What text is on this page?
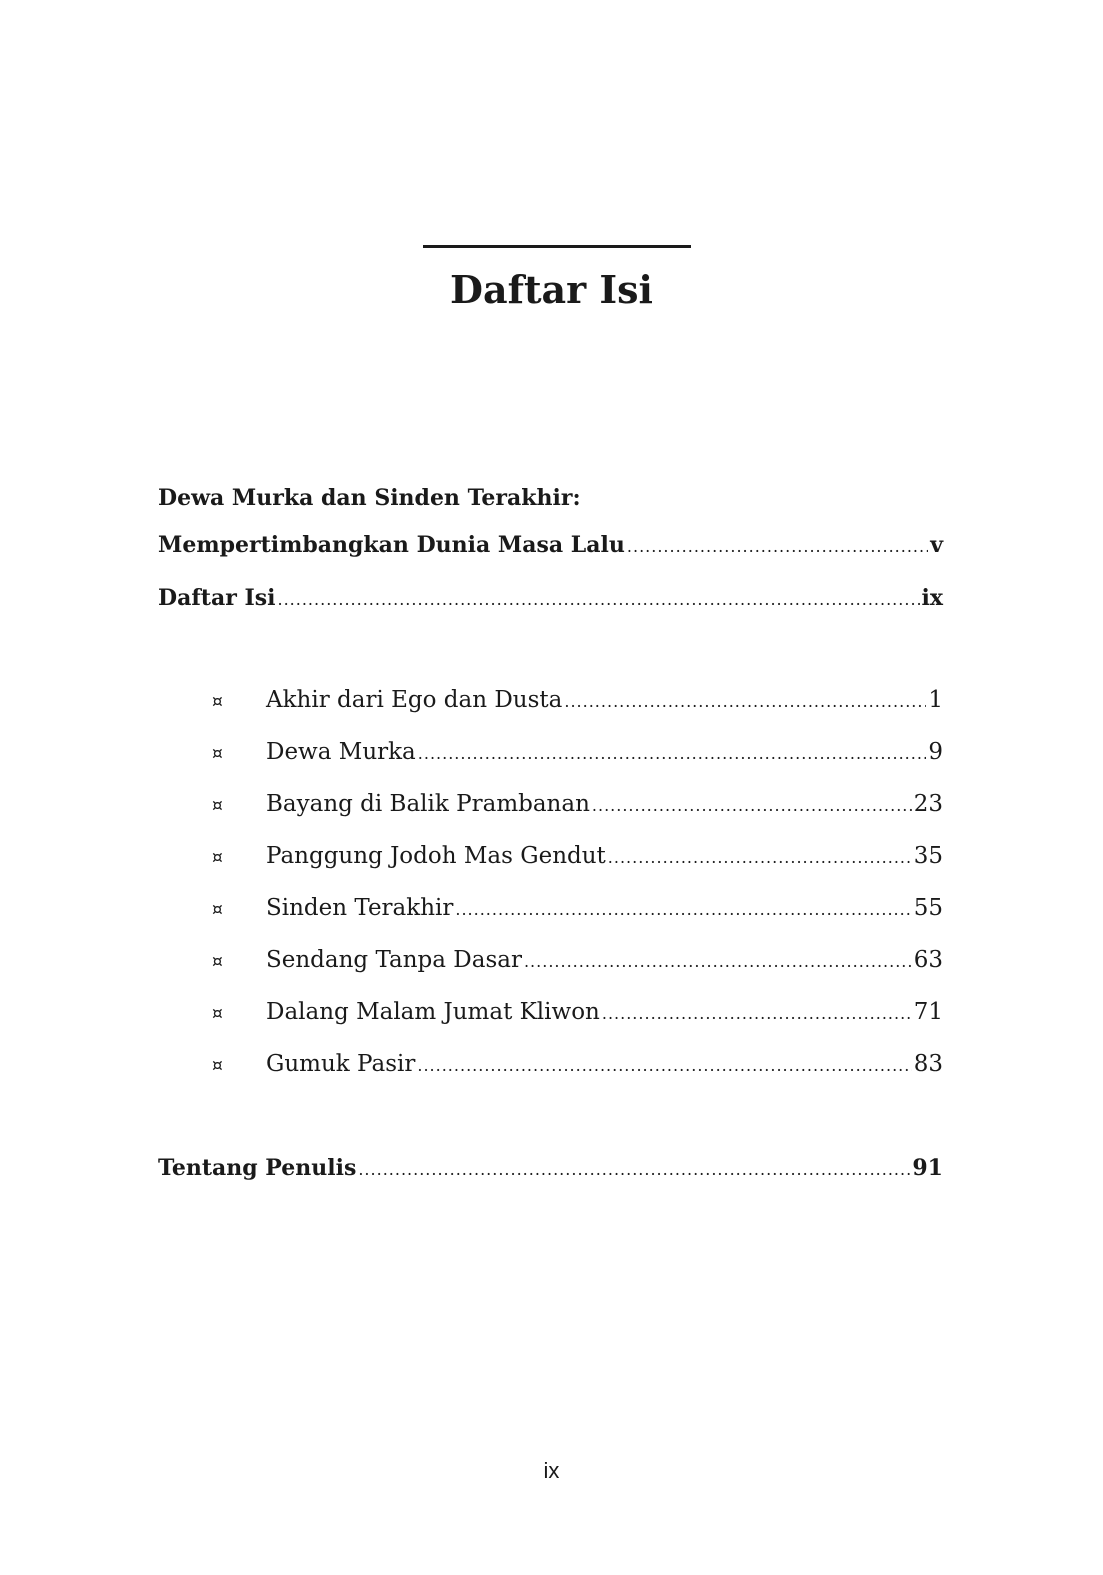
Daftar Isi
Dewa Murka dan Sinden Terakhir:
Mempertimbangkan Dunia Masa Lalu .....	v
Daftar Isi .....	ix
¤	Akhir dari Ego dan Dusta .....	1
¤	Dewa Murka .....	9
¤	Bayang di Balik Prambanan .....	23
¤	Panggung Jodoh Mas Gendut .....	35
¤	Sinden Terakhir .....	55
¤	Sendang Tanpa Dasar .....	63
¤	Dalang Malam Jumat Kliwon .....	71
¤	Gumuk Pasir .....	83
Tentang Penulis .....	91
ix
